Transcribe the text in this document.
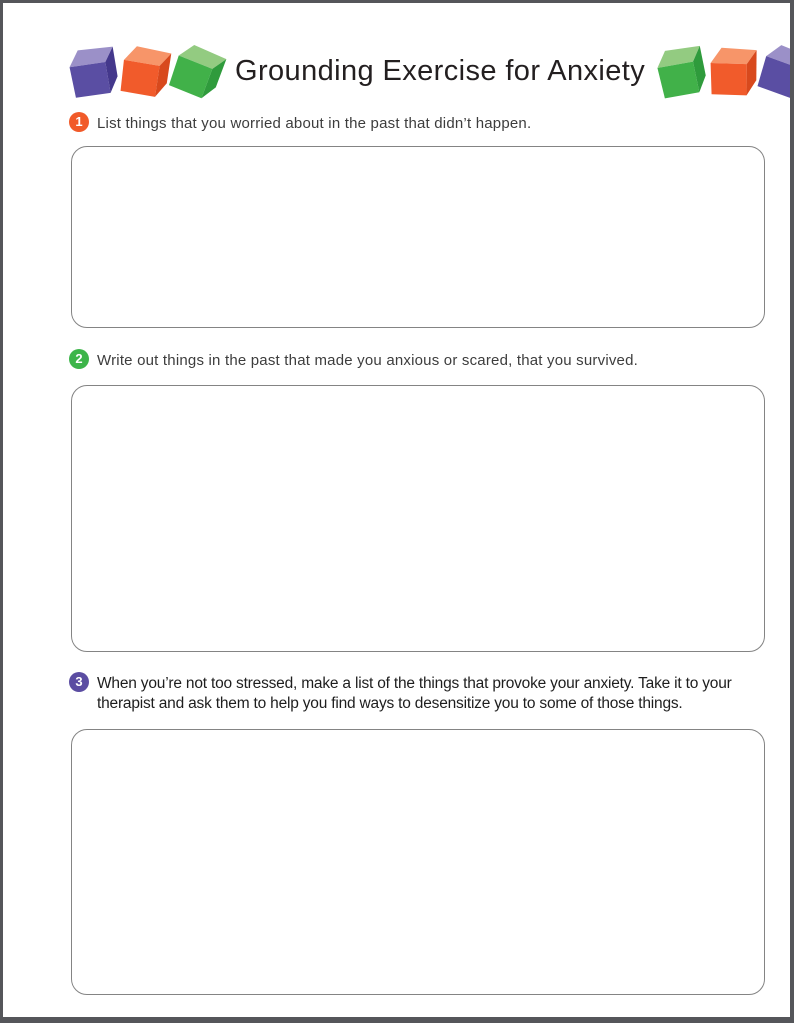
Grounding Exercise for Anxiety
1 List things that you worried about in the past that didn’t happen.
2 Write out things in the past that made you anxious or scared, that you survived.
3 When you’re not too stressed, make a list of the things that provoke your anxiety. Take it to your therapist and ask them to help you find ways to desensitize you to some of those things.
